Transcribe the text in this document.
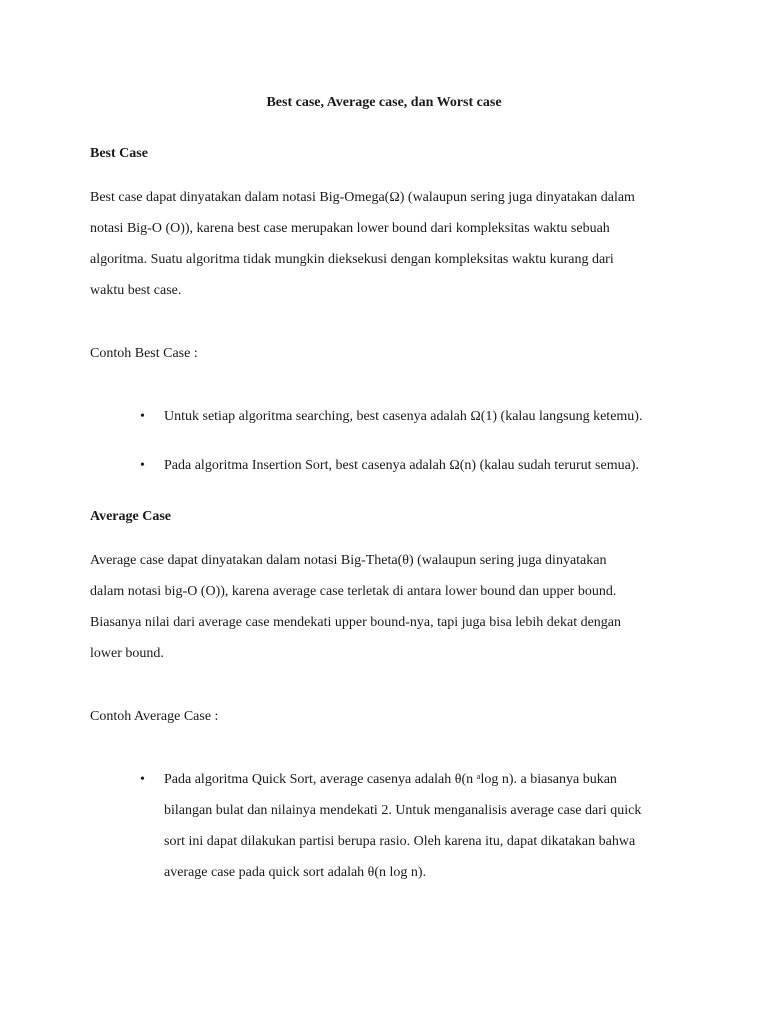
Best case, Average case, dan Worst case
Best Case

Best case dapat dinyatakan dalam notasi Big-Omega(Ω) (walaupun sering juga dinyatakan dalam
notasi Big-O (O)), karena best case merupakan lower bound dari kompleksitas waktu sebuah
algoritma. Suatu algoritma tidak mungkin dieksekusi dengan kompleksitas waktu kurang dari
waktu best case.

Contoh Best Case :

• Untuk setiap algoritma searching, best casenya adalah Ω(1) (kalau langsung ketemu).
• Pada algoritma Insertion Sort, best casenya adalah Ω(n) (kalau sudah terurut semua).
Average Case

Average case dapat dinyatakan dalam notasi Big-Theta(θ) (walaupun sering juga dinyatakan
dalam notasi big-O (O)), karena average case terletak di antara lower bound dan upper bound.
Biasanya nilai dari average case mendekati upper bound-nya, tapi juga bisa lebih dekat dengan
lower bound.

Contoh Average Case :

• Pada algoritma Quick Sort, average casenya adalah θ(n ᵃlog n). a biasanya bukan
bilangan bulat dan nilainya mendekati 2. Untuk menganalisis average case dari quick
sort ini dapat dilakukan partisi berupa rasio. Oleh karena itu, dapat dikatakan bahwa
average case pada quick sort adalah θ(n log n).
